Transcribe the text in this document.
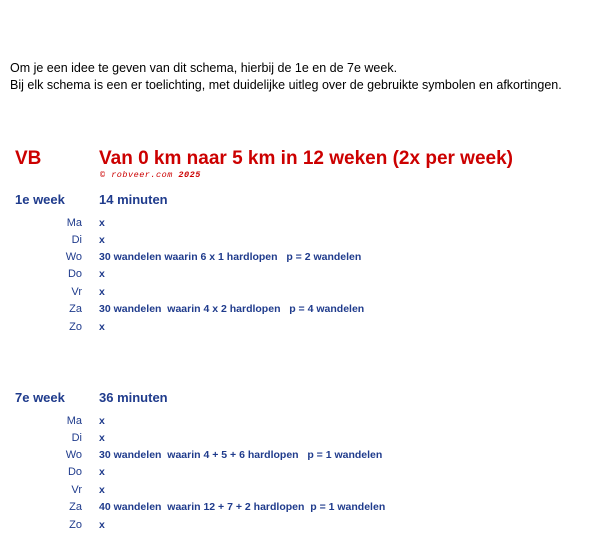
Om je een idee te geven van dit schema, hierbij de 1e en de 7e week.
Bij elk schema is een er toelichting, met duidelijke uitleg over de gebruikte symbolen en afkortingen.
VB	Van 0 km naar 5 km in 12 weken (2x per week)
© robveer.com 2025
1e week	14 minuten
Ma x
Di x
Wo 30 wandelen waarin 6 x 1 hardlopen   p = 2 wandelen
Do x
Vr x
Za 30 wandelen  waarin 4 x 2 hardlopen   p = 4 wandelen
Zo x
7e week	36 minuten
Ma x
Di x
Wo 30 wandelen  waarin 4 + 5 + 6 hardlopen   p = 1 wandelen
Do x
Vr x
Za 40 wandelen  waarin 12 + 7 + 2 hardlopen  p = 1 wandelen
Zo x
